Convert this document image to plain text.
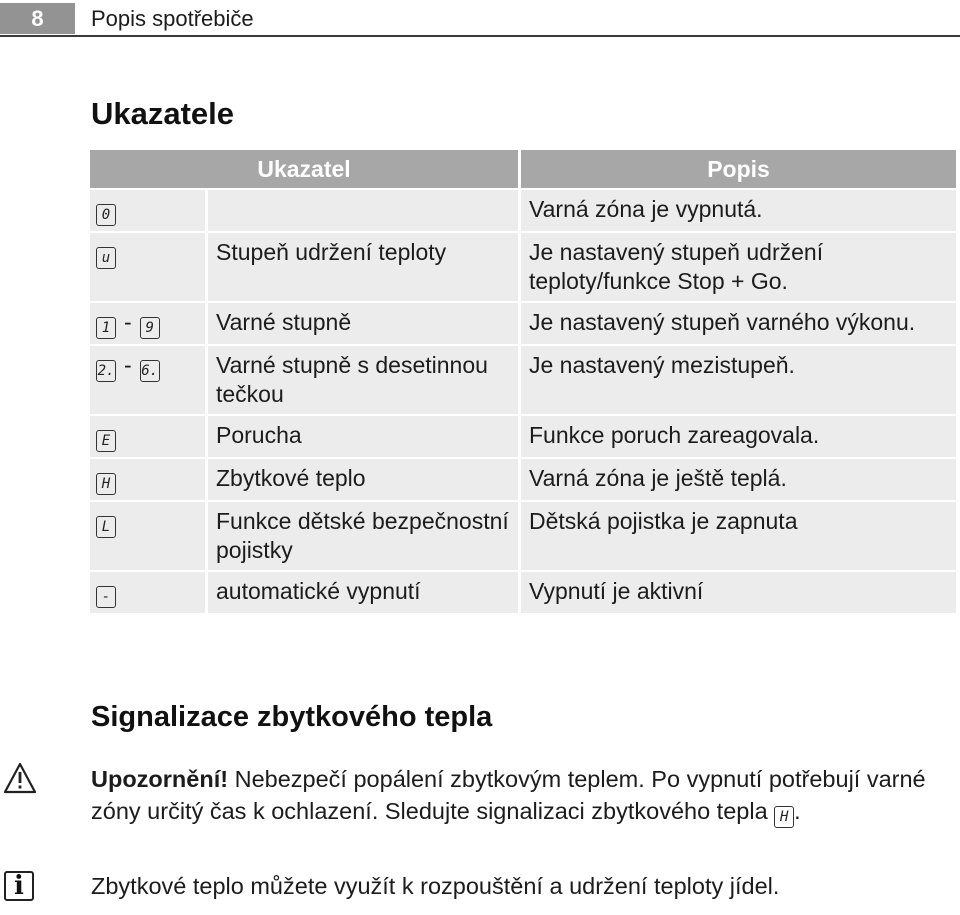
8	Popis spotřebiče
Ukazatele
Ukazatel		Popis
0		Varná zóna je vypnutá.
u	Stupeň udržení teploty	Je nastavený stupeň udržení teploty/funkce Stop + Go.
1 - 9	Varné stupně	Je nastavený stupeň varného výkonu.
2. - 6.	Varné stupně s desetinnou tečkou	Je nastavený mezistupeň.
E	Porucha	Funkce poruch zareagovala.
H	Zbytkové teplo	Varná zóna je ještě teplá.
L	Funkce dětské bezpečnostní pojistky	Dětská pojistka je zapnuta
-	automatické vypnutí	Vypnutí je aktivní
Signalizace zbytkového tepla
Upozornění! Nebezpečí popálení zbytkovým teplem. Po vypnutí potřebují varné zóny určitý čas k ochlazení. Sledujte signalizaci zbytkového tepla H .
i	Zbytkové teplo můžete využít k rozpouštění a udržení teploty jídel.
